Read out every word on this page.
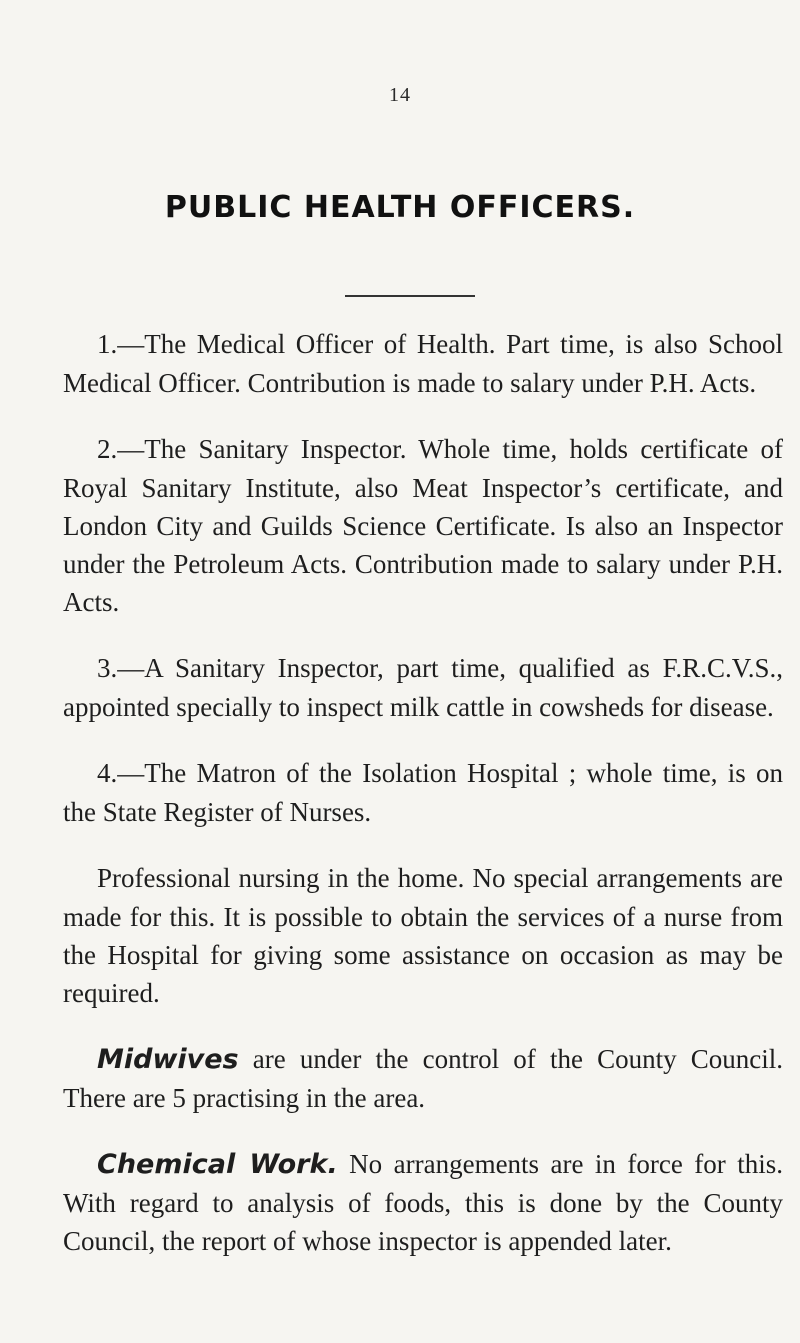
14
PUBLIC HEALTH OFFICERS.

1.—The Medical Officer of Health. Part time, is also School Medical Officer. Contribution is made to salary under P.H. Acts.

2.—The Sanitary Inspector. Whole time, holds certificate of Royal Sanitary Institute, also Meat Inspector’s certificate, and London City and Guilds Science Certificate. Is also an Inspector under the Petroleum Acts. Contribution made to salary under P.H. Acts.

3.—A Sanitary Inspector, part time, qualified as F.R.C.V.S., appointed specially to inspect milk cattle in cowsheds for disease.

4.—The Matron of the Isolation Hospital ; whole time, is on the State Register of Nurses.

Professional nursing in the home. No special arrangements are made for this. It is possible to obtain the services of a nurse from the Hospital for giving some assistance on occasion as may be required.

Midwives are under the control of the County Council. There are 5 practising in the area.

Chemical Work. No arrangements are in force for this. With regard to analysis of foods, this is done by the County Council, the report of whose inspector is appended later.
